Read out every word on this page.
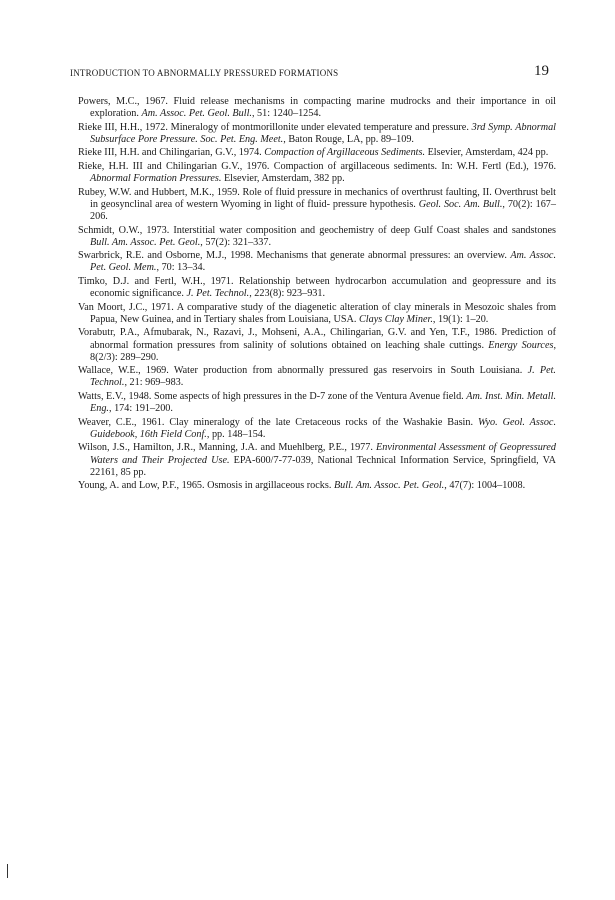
INTRODUCTION TO ABNORMALLY PRESSURED FORMATIONS	19
Powers, M.C., 1967. Fluid release mechanisms in compacting marine mudrocks and their importance in oil exploration. Am. Assoc. Pet. Geol. Bull., 51: 1240–1254.
Rieke III, H.H., 1972. Mineralogy of montmorillonite under elevated temperature and pressure. 3rd Symp. Abnormal Subsurface Pore Pressure. Soc. Pet. Eng. Meet., Baton Rouge, LA, pp. 89–109.
Rieke III, H.H. and Chilingarian, G.V., 1974. Compaction of Argillaceous Sediments. Elsevier, Amsterdam, 424 pp.
Rieke, H.H. III and Chilingarian G.V., 1976. Compaction of argillaceous sediments. In: W.H. Fertl (Ed.), 1976. Abnormal Formation Pressures. Elsevier, Amsterdam, 382 pp.
Rubey, W.W. and Hubbert, M.K., 1959. Role of fluid pressure in mechanics of overthrust faulting, II. Overthrust belt in geosynclinal area of western Wyoming in light of fluid- pressure hypothesis. Geol. Soc. Am. Bull., 70(2): 167–206.
Schmidt, O.W., 1973. Interstitial water composition and geochemistry of deep Gulf Coast shales and sandstones Bull. Am. Assoc. Pet. Geol., 57(2): 321–337.
Swarbrick, R.E. and Osborne, M.J., 1998. Mechanisms that generate abnormal pressures: an overview. Am. Assoc. Pet. Geol. Mem., 70: 13–34.
Timko, D.J. and Fertl, W.H., 1971. Relationship between hydrocarbon accumulation and geopressure and its economic significance. J. Pet. Technol., 223(8): 923–931.
Van Moort, J.C., 1971. A comparative study of the diagenetic alteration of clay minerals in Mesozoic shales from Papua, New Guinea, and in Tertiary shales from Louisiana, USA. Clays Clay Miner., 19(1): 1–20.
Vorabutr, P.A., Afmubarak, N., Razavi, J., Mohseni, A.A., Chilingarian, G.V. and Yen, T.F., 1986. Prediction of abnormal formation pressures from salinity of solutions obtained on leaching shale cuttings. Energy Sources, 8(2/3): 289–290.
Wallace, W.E., 1969. Water production from abnormally pressured gas reservoirs in South Louisiana. J. Pet. Technol., 21: 969–983.
Watts, E.V., 1948. Some aspects of high pressures in the D-7 zone of the Ventura Avenue field. Am. Inst. Min. Metall. Eng., 174: 191–200.
Weaver, C.E., 1961. Clay mineralogy of the late Cretaceous rocks of the Washakie Basin. Wyo. Geol. Assoc. Guidebook, 16th Field Conf., pp. 148–154.
Wilson, J.S., Hamilton, J.R., Manning, J.A. and Muehlberg, P.E., 1977. Environmental Assessment of Geopressured Waters and Their Projected Use. EPA-600/7-77-039, National Technical Information Service, Springfield, VA 22161, 85 pp.
Young, A. and Low, P.F., 1965. Osmosis in argillaceous rocks. Bull. Am. Assoc. Pet. Geol., 47(7): 1004–1008.
